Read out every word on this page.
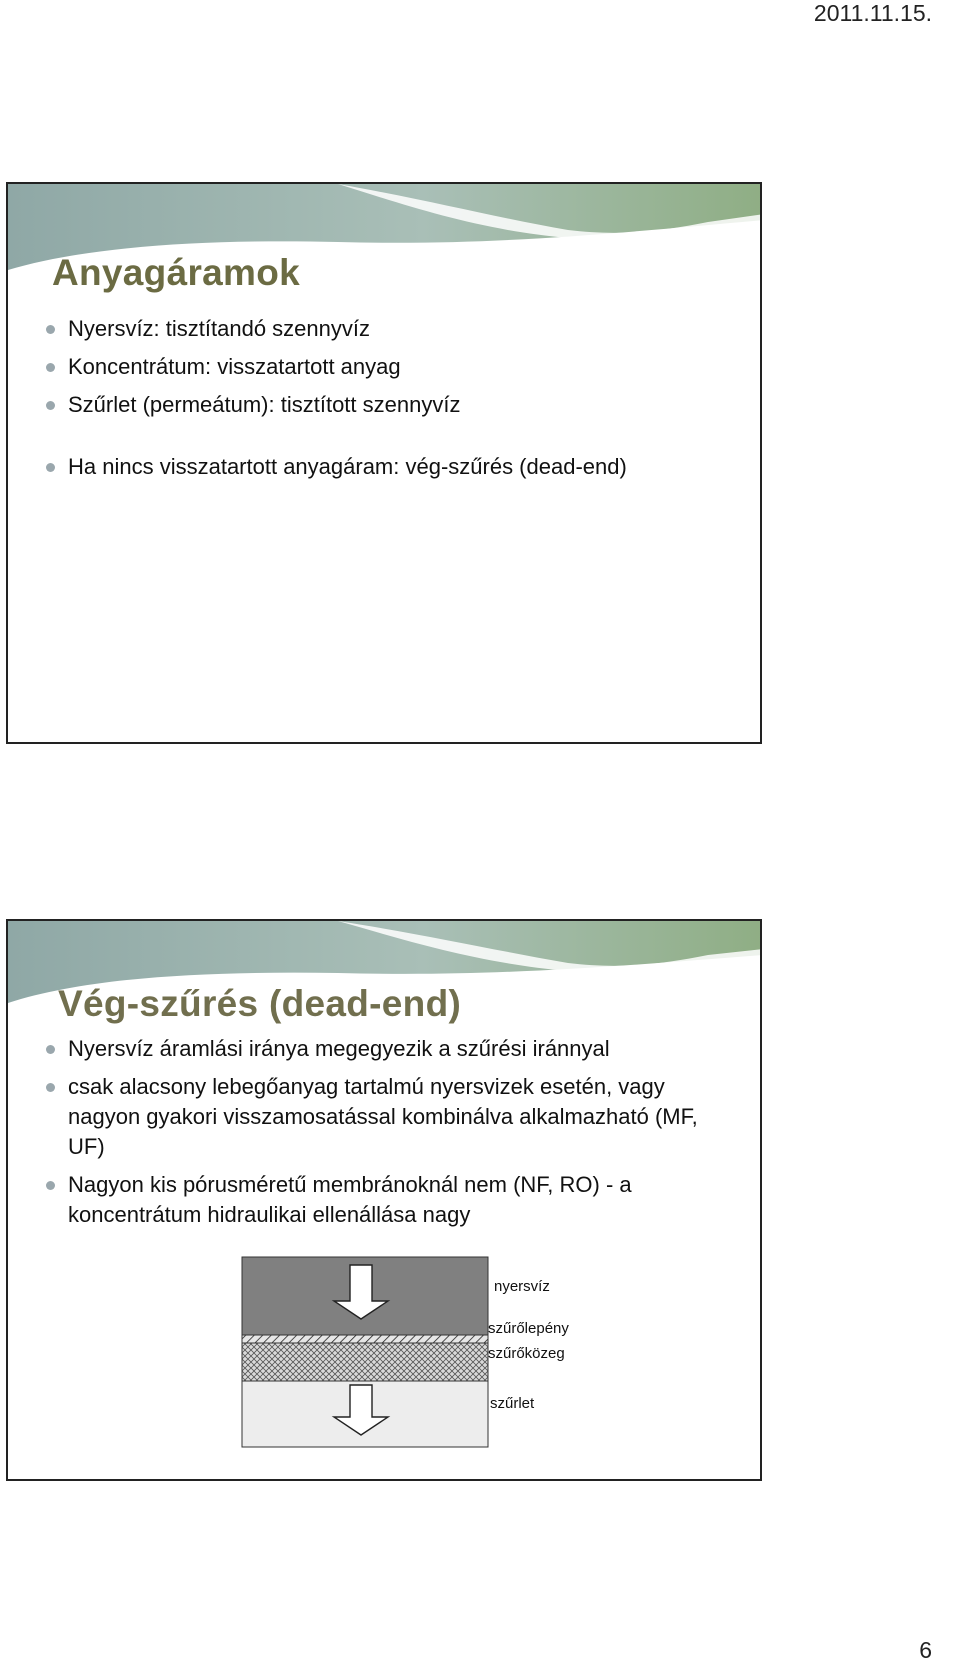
2011.11.15.
Anyagáramok
Nyersvíz: tisztítandó szennyvíz
Koncentrátum: visszatartott anyag
Szűrlet (permeátum): tisztított szennyvíz
Ha nincs visszatartott anyagáram: vég-szűrés (dead-end)
Vég-szűrés (dead-end)
Nyersvíz áramlási iránya megegyezik a szűrési iránnyal
csak alacsony lebegőanyag tartalmú nyersvizek esetén, vagy nagyon gyakori visszamosatással kombinálva alkalmazható (MF, UF)
Nagyon kis pórusméretű membránoknál nem (NF, RO) - a koncentrátum hidraulikai ellenállása nagy
nyersvíz
szűrőlepény
szűrőközeg
szűrlet
6
